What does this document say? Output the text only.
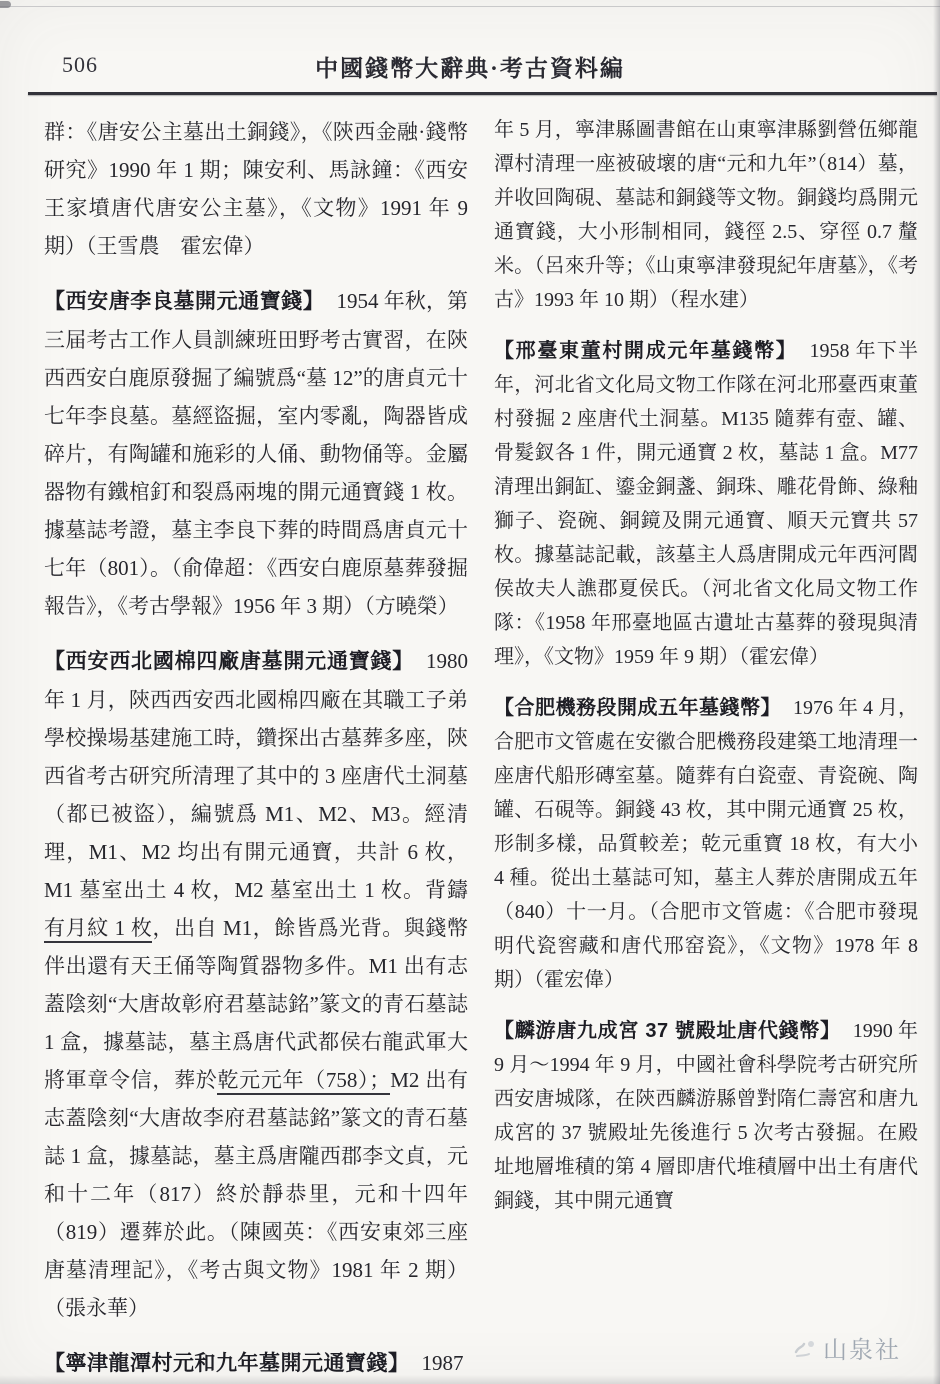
506	中國錢幣大辭典·考古資料編

群：《唐安公主墓出土銅錢》，《陝西金融·錢幣研究》1990 年 1 期；陳安利、馬詠鐘：《西安王家墳唐代唐安公主墓》，《文物》1991 年 9 期）（王雪農　霍宏偉）

【西安唐李良墓開元通寶錢】 1954 年秋，第三届考古工作人員訓練班田野考古實習，在陝西西安白鹿原發掘了編號爲“墓 12”的唐貞元十七年李良墓。墓經盜掘，室内零亂，陶器皆成碎片，有陶罐和施彩的人俑、動物俑等。金屬器物有鐵棺釘和裂爲兩塊的開元通寶錢 1 枚。據墓誌考證，墓主李良下葬的時間爲唐貞元十七年（801）。（俞偉超：《西安白鹿原墓葬發掘報告》，《考古學報》1956 年 3 期）（方曉榮）

【西安西北國棉四廠唐墓開元通寶錢】 1980 年 1 月，陝西西安西北國棉四廠在其職工子弟學校操場基建施工時，鑽探出古墓葬多座，陝西省考古研究所清理了其中的 3 座唐代土洞墓（都已被盜），編號爲 M1、M2、M3。經清理，M1、M2 均出有開元通寶，共計 6 枚，M1 墓室出土 4 枚，M2 墓室出土 1 枚。背鑄有月紋 1 枚，出自 M1，餘皆爲光背。與錢幣伴出還有天王俑等陶質器物多件。M1 出有志蓋陰刻“大唐故彰府君墓誌銘”篆文的青石墓誌 1 盒，據墓誌，墓主爲唐代武都侯右龍武軍大將軍章令信，葬於乾元元年（758）；M2 出有志蓋陰刻“大唐故李府君墓誌銘”篆文的青石墓誌 1 盒，據墓誌，墓主爲唐隴西郡李文貞，元和十二年（817）終於靜恭里，元和十四年（819）遷葬於此。（陳國英：《西安東郊三座唐墓清理記》，《考古與文物》1981 年 2 期）（張永華）

【寧津龍潭村元和九年墓開元通寶錢】 1987

年 5 月，寧津縣圖書館在山東寧津縣劉營伍鄉龍潭村清理一座被破壞的唐“元和九年”（814）墓，并收回陶硯、墓誌和銅錢等文物。銅錢均爲開元通寶錢，大小形制相同，錢徑 2.5、穿徑 0.7 釐米。（呂來升等；《山東寧津發現紀年唐墓》，《考古》1993 年 10 期）（程水建）

【邢臺東董村開成元年墓錢幣】 1958 年下半年，河北省文化局文物工作隊在河北邢臺西東董村發掘 2 座唐代土洞墓。M135 隨葬有壺、罐、骨髮釵各 1 件，開元通寶 2 枚，墓誌 1 盒。M77 清理出銅缸、鎏金銅盞、銅珠、雕花骨飾、綠釉獅子、瓷碗、銅鏡及開元通寶、順天元寶共 57 枚。據墓誌記載，該墓主人爲唐開成元年西河閻侯故夫人譙郡夏侯氏。（河北省文化局文物工作隊：《1958 年邢臺地區古遺址古墓葬的發現與清理》，《文物》1959 年 9 期）（霍宏偉）

【合肥機務段開成五年墓錢幣】 1976 年 4 月，合肥市文管處在安徽合肥機務段建築工地清理一座唐代船形磚室墓。隨葬有白瓷壺、青瓷碗、陶罐、石硯等。銅錢 43 枚，其中開元通寶 25 枚，形制多樣，品質較差；乾元重寶 18 枚，有大小 4 種。從出土墓誌可知，墓主人葬於唐開成五年（840）十一月。（合肥市文管處：《合肥市發現明代瓷窖藏和唐代邢窑瓷》，《文物》1978 年 8 期）（霍宏偉）

【麟游唐九成宮 37 號殿址唐代錢幣】 1990 年 9 月～1994 年 9 月，中國社會科學院考古研究所西安唐城隊，在陝西麟游縣曾對隋仁壽宮和唐九成宮的 37 號殿址先後進行 5 次考古發掘。在殿址地層堆積的第 4 層即唐代堆積層中出土有唐代銅錢，其中開元通寶

山泉社
